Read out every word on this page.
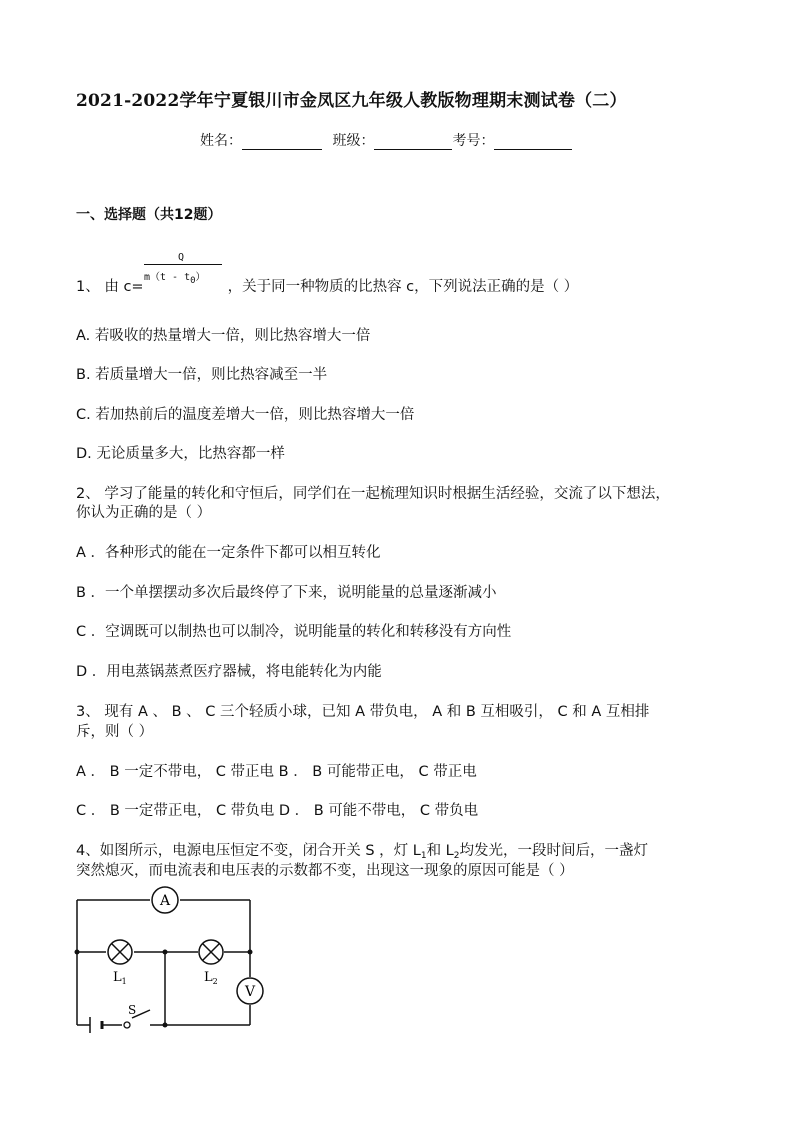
2021-2022学年宁夏银川市金凤区九年级人教版物理期末测试卷（二）
姓名：	班级：	考号：
一、选择题（共12题）
Q
m（t - t0）
1、 由 c=	，关于同一种物质的比热容 c，下列说法正确的是（ ）
A. 若吸收的热量增大一倍，则比热容增大一倍
B. 若质量增大一倍，则比热容减至一半
C. 若加热前后的温度差增大一倍，则比热容增大一倍
D. 无论质量多大，比热容都一样
2、 学习了能量的转化和守恒后，同学们在一起梳理知识时根据生活经验，交流了以下想法，
你认为正确的是（ ）
A ．各种形式的能在一定条件下都可以相互转化
B ．一个单摆摆动多次后最终停了下来，说明能量的总量逐渐减小
C ．空调既可以制热也可以制冷，说明能量的转化和转移没有方向性
D ．用电蒸锅蒸煮医疗器械，将电能转化为内能
3、 现有 A 、 B 、 C 三个轻质小球，已知 A 带负电， A 和 B 互相吸引， C 和 A 互相排
斥，则（ ）
A ． B 一定不带电， C 带正电 B ． B 可能带正电， C 带正电
C ． B 一定带正电， C 带负电 D ． B 可能不带电， C 带负电
4、如图所示，电源电压恒定不变，闭合开关 S ，灯 $L_1$和 $L_2$均发光，一段时间后，一盏灯
突然熄灭，而电流表和电压表的示数都不变，出现这一现象的原因可能是（ ）
S
A
$L_1$	$L_2$
V
